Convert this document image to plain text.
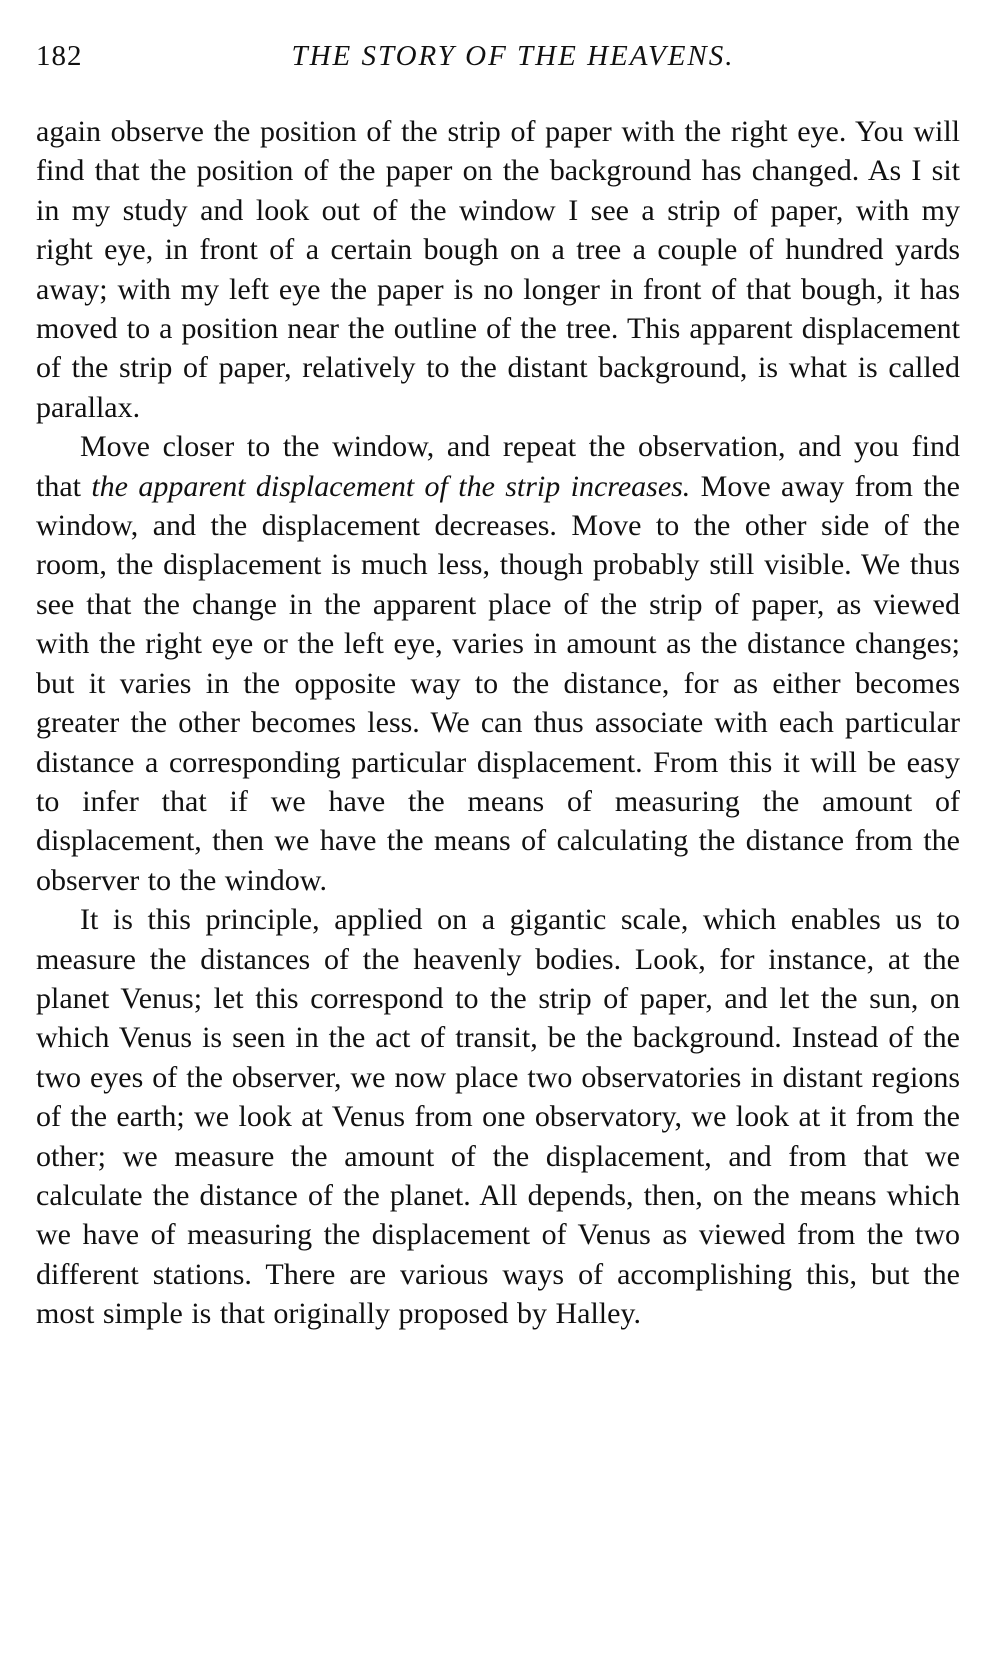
182	THE STORY OF THE HEAVENS.

again observe the position of the strip of paper with the right eye. You will find that the position of the paper on the background has changed. As I sit in my study and look out of the window I see a strip of paper, with my right eye, in front of a certain bough on a tree a couple of hundred yards away; with my left eye the paper is no longer in front of that bough, it has moved to a position near the outline of the tree. This apparent displacement of the strip of paper, relatively to the distant background, is what is called parallax.

Move closer to the window, and repeat the observation, and you find that the apparent displacement of the strip increases. Move away from the window, and the displacement decreases. Move to the other side of the room, the displacement is much less, though probably still visible. We thus see that the change in the apparent place of the strip of paper, as viewed with the right eye or the left eye, varies in amount as the distance changes; but it varies in the opposite way to the distance, for as either becomes greater the other becomes less. We can thus associate with each particular distance a corresponding particular displacement. From this it will be easy to infer that if we have the means of measuring the amount of displacement, then we have the means of calculating the distance from the observer to the window.

It is this principle, applied on a gigantic scale, which enables us to measure the distances of the heavenly bodies. Look, for instance, at the planet Venus; let this correspond to the strip of paper, and let the sun, on which Venus is seen in the act of transit, be the background. Instead of the two eyes of the observer, we now place two observatories in distant regions of the earth; we look at Venus from one observatory, we look at it from the other; we measure the amount of the displacement, and from that we calculate the distance of the planet. All depends, then, on the means which we have of measuring the displacement of Venus as viewed from the two different stations. There are various ways of accomplishing this, but the most simple is that originally proposed by Halley.
